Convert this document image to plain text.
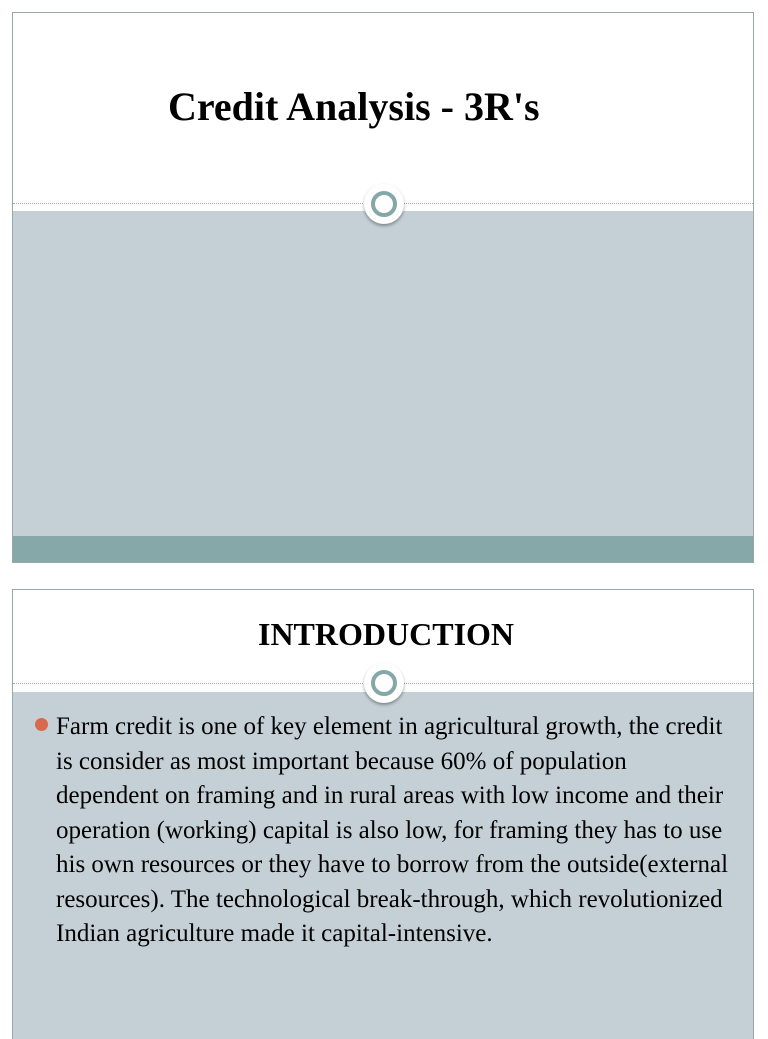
Credit Analysis - 3R's
INTRODUCTION

Farm credit is one of key element in agricultural growth, the credit is consider as most important because 60% of population dependent on framing and in rural areas with low income and their operation (working) capital is also low, for framing they has to use his own resources or they have to borrow from the outside(external resources). The technological break-through, which revolutionized Indian agriculture made it capital-intensive.
